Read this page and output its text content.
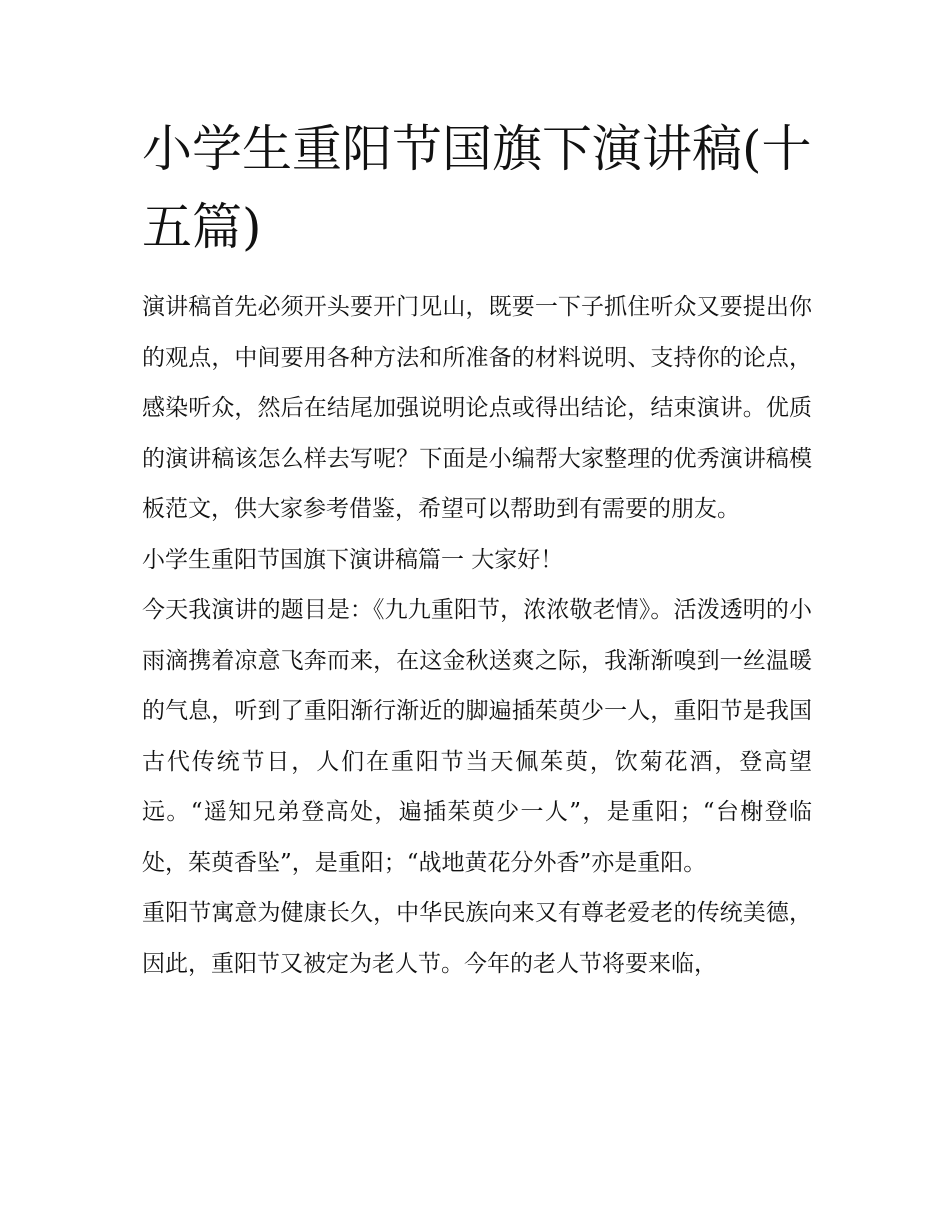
小学生重阳节国旗下演讲稿(十五篇)

演讲稿首先必须开头要开门见山，既要一下子抓住听众又要提出你的观点，中间要用各种方法和所准备的材料说明、支持你的论点，感染听众，然后在结尾加强说明论点或得出结论，结束演讲。优质的演讲稿该怎么样去写呢？下面是小编帮大家整理的优秀演讲稿模板范文，供大家参考借鉴，希望可以帮助到有需要的朋友。

小学生重阳节国旗下演讲稿篇一 大家好！

今天我演讲的题目是：《九九重阳节，浓浓敬老情》。活泼透明的小雨滴携着凉意飞奔而来，在这金秋送爽之际，我渐渐嗅到一丝温暖的气息，听到了重阳渐行渐近的脚遍插茱萸少一人，重阳节是我国古代传统节日，人们在重阳节当天佩茱萸，饮菊花酒，登高望远。“遥知兄弟登高处，遍插茱萸少一人”，是重阳；“台榭登临处，茱萸香坠”，是重阳；“战地黄花分外香”亦是重阳。

重阳节寓意为健康长久，中华民族向来又有尊老爱老的传统美德，因此，重阳节又被定为老人节。今年的老人节将要来临，
